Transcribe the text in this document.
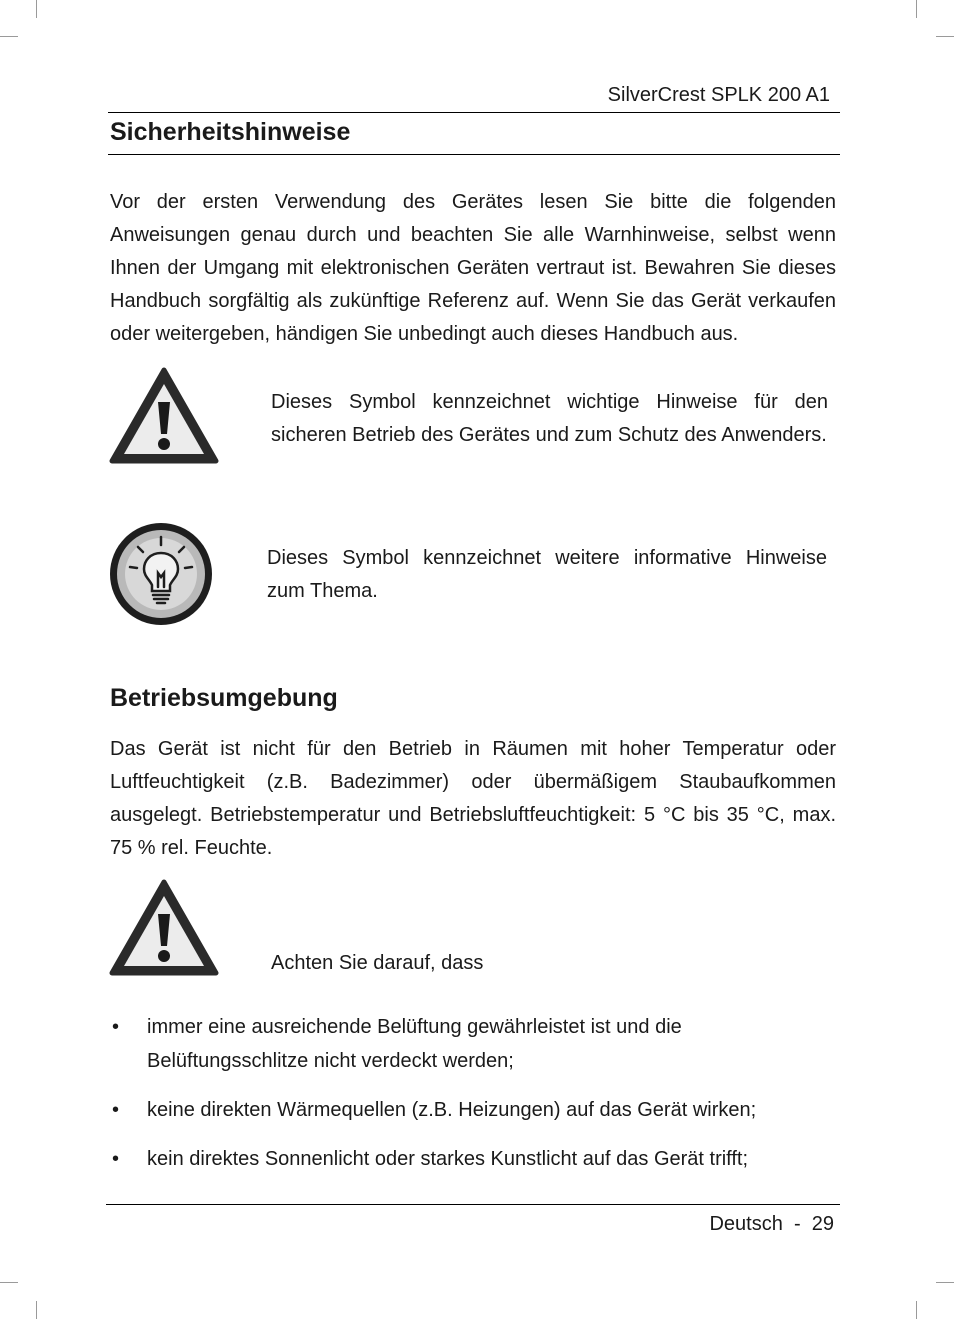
SilverCrest SPLK 200 A1
Sicherheitshinweise

Vor der ersten Verwendung des Gerätes lesen Sie bitte die folgenden Anweisungen genau durch und beachten Sie alle Warnhinweise, selbst wenn Ihnen der Umgang mit elektronischen Geräten vertraut ist. Bewahren Sie dieses Handbuch sorgfältig als zukünftige Referenz auf. Wenn Sie das Gerät verkaufen oder weitergeben, händigen Sie unbedingt auch dieses Handbuch aus.

Dieses Symbol kennzeichnet wichtige Hinweise für den sicheren Betrieb des Gerätes und zum Schutz des Anwenders.

Dieses Symbol kennzeichnet weitere informative Hinweise zum Thema.

Betriebsumgebung

Das Gerät ist nicht für den Betrieb in Räumen mit hoher Temperatur oder Luftfeuchtigkeit (z.B. Badezimmer) oder übermäßigem Staubaufkommen ausgelegt. Betriebstemperatur und Betriebsluftfeuchtigkeit: 5 °C bis 35 °C, max. 75 % rel. Feuchte.

Achten Sie darauf, dass

• immer eine ausreichende Belüftung gewährleistet ist und die Belüftungsschlitze nicht verdeckt werden;
• keine direkten Wärmequellen (z.B. Heizungen) auf das Gerät wirken;
• kein direktes Sonnenlicht oder starkes Kunstlicht auf das Gerät trifft;
Deutsch  -  29
